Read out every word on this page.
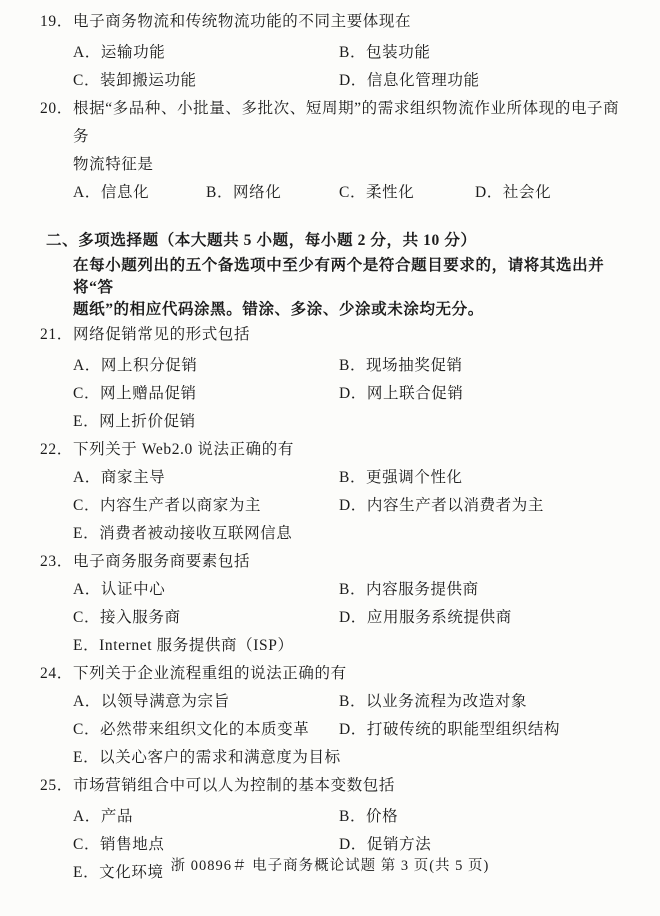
19． 电子商务物流和传统物流功能的不同主要体现在
A．运输功能	B．包装功能
C．装卸搬运功能	D．信息化管理功能
20． 根据“多品种、小批量、多批次、短周期”的需求组织物流作业所体现的电子商务
物流特征是
A．信息化	B．网络化	C．柔性化	D．社会化
二、 多项选择题（本大题共 5 小题，每小题 2 分，共 10 分）
在每小题列出的五个备选项中至少有两个是符合题目要求的，请将其选出并将“答
题纸”的相应代码涂黑。错涂、多涂、少涂或未涂均无分。
21． 网络促销常见的形式包括
A．网上积分促销	B．现场抽奖促销
C．网上赠品促销	D．网上联合促销
E．网上折价促销
22． 下列关于 Web2.0 说法正确的有
A．商家主导	B．更强调个性化
C．内容生产者以商家为主	D．内容生产者以消费者为主
E．消费者被动接收互联网信息
23． 电子商务服务商要素包括
A．认证中心	B．内容服务提供商
C．接入服务商	D．应用服务系统提供商
E．Internet 服务提供商（ISP）
24． 下列关于企业流程重组的说法正确的有
A．以领导满意为宗旨	B．以业务流程为改造对象
C．必然带来组织文化的本质变革	D．打破传统的职能型组织结构
E．以关心客户的需求和满意度为目标
25． 市场营销组合中可以人为控制的基本变数包括
A．产品	B．价格
C．销售地点	D．促销方法
E．文化环境 浙 00896＃ 电子商务概论试题 第 3 页(共 5 页)
